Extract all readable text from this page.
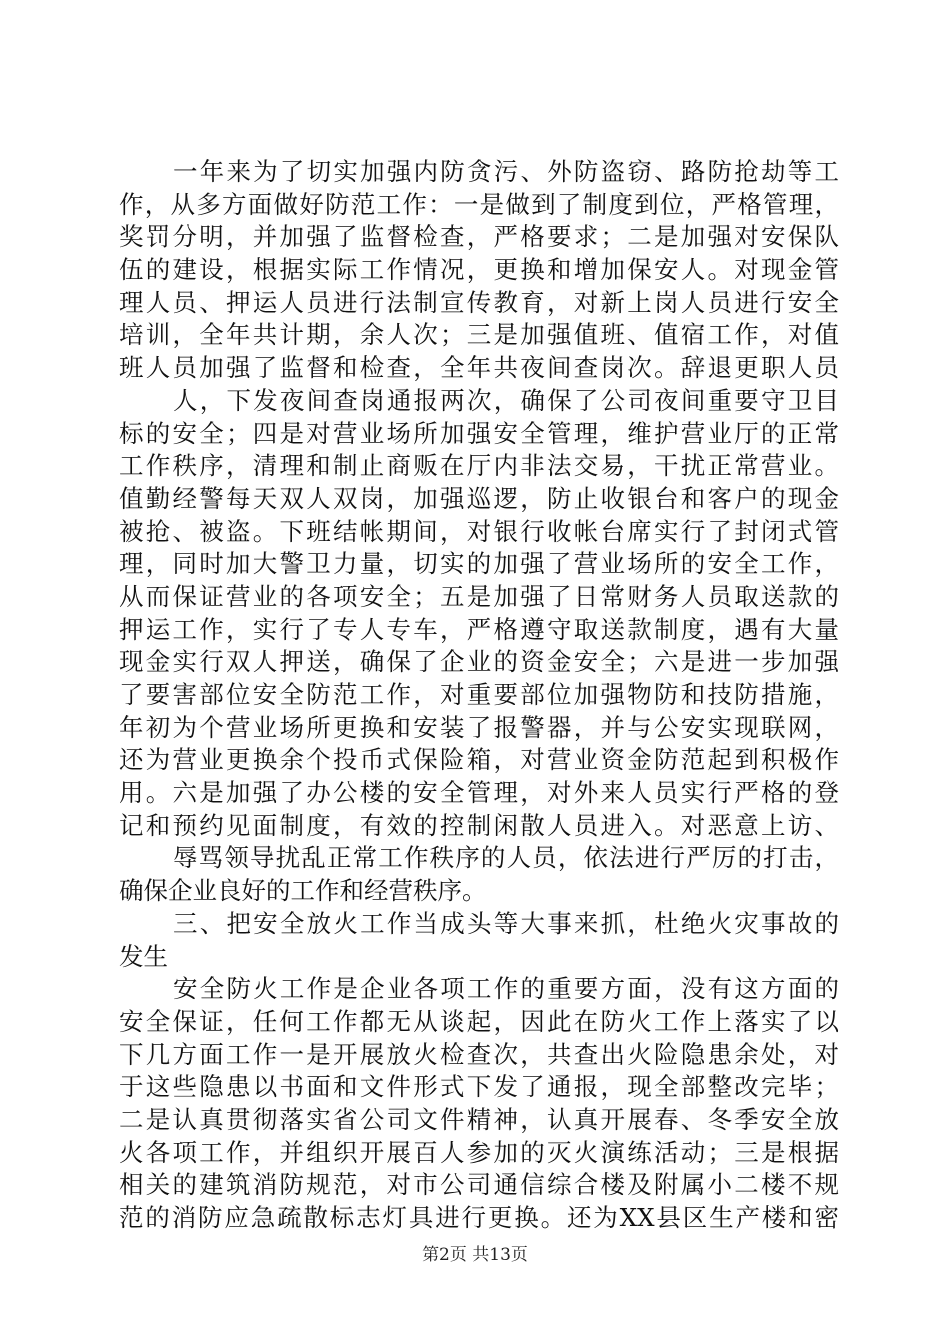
一年来为了切实加强内防贪污、外防盗窃、路防抢劫等工
作，从多方面做好防范工作：一是做到了制度到位，严格管理，
奖罚分明，并加强了监督检查，严格要求；二是加强对安保队
伍的建设，根据实际工作情况，更换和增加保安人。对现金管
理人员、押运人员进行法制宣传教育，对新上岗人员进行安全
培训，全年共计期，余人次；三是加强值班、值宿工作，对值
班人员加强了监督和检查，全年共夜间查岗次。辞退更职人员
人，下发夜间查岗通报两次，确保了公司夜间重要守卫目
标的安全；四是对营业场所加强安全管理，维护营业厅的正常
工作秩序，清理和制止商贩在厅内非法交易，干扰正常营业。
值勤经警每天双人双岗，加强巡逻，防止收银台和客户的现金
被抢、被盗。下班结帐期间，对银行收帐台席实行了封闭式管
理，同时加大警卫力量，切实的加强了营业场所的安全工作，
从而保证营业的各项安全；五是加强了日常财务人员取送款的
押运工作，实行了专人专车，严格遵守取送款制度，遇有大量
现金实行双人押送，确保了企业的资金安全；六是进一步加强
了要害部位安全防范工作，对重要部位加强物防和技防措施，
年初为个营业场所更换和安装了报警器，并与公安实现联网，
还为营业更换余个投币式保险箱，对营业资金防范起到积极作
用。六是加强了办公楼的安全管理，对外来人员实行严格的登
记和预约见面制度，有效的控制闲散人员进入。对恶意上访、
辱骂领导扰乱正常工作秩序的人员，依法进行严厉的打击，
确保企业良好的工作和经营秩序。
三、把安全放火工作当成头等大事来抓，杜绝火灾事故的
发生
安全防火工作是企业各项工作的重要方面，没有这方面的
安全保证，任何工作都无从谈起，因此在防火工作上落实了以
下几方面工作一是开展放火检查次，共查出火险隐患余处，对
于这些隐患以书面和文件形式下发了通报，现全部整改完毕；
二是认真贯彻落实省公司文件精神，认真开展春、冬季安全放
火各项工作，并组织开展百人参加的灭火演练活动；三是根据
相关的建筑消防规范，对市公司通信综合楼及附属小二楼不规
范的消防应急疏散标志灯具进行更换。还为XX县区生产楼和密
第2页 共13页
